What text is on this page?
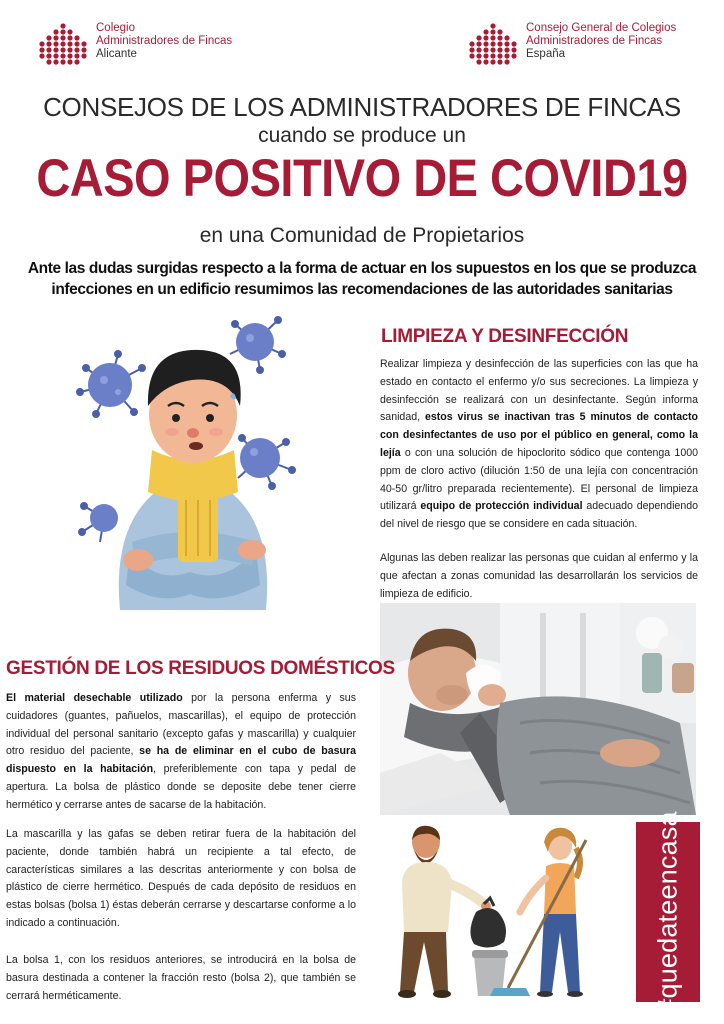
Colegio
Administradores de Fincas
Alicante
Consejo General de Colegios
Administradores de Fincas
España
CONSEJOS DE LOS ADMINISTRADORES DE FINCAS
cuando se produce un
CASO POSITIVO DE COVID19
en una Comunidad de Propietarios
Ante las dudas surgidas respecto a la forma de actuar en los supuestos en los que se produzca infecciones en un edificio resumimos las recomendaciones de las autoridades sanitarias
LIMPIEZA Y DESINFECCIÓN
Realizar limpieza y desinfección de las superficies con las que ha estado en contacto el enfermo y/o sus secreciones. La limpieza y desinfección se realizará con un desinfectante. Según informa sanidad, estos virus se inactivan tras 5 minutos de contacto con desinfectantes de uso por el público en general, como la lejía o con una solución de hipoclorito sódico que contenga 1000 ppm de cloro activo (dilución 1:50 de una lejía con concentración 40-50 gr/litro preparada recientemente). El personal de limpieza utilizará equipo de protección individual adecuado dependiendo del nivel de riesgo que se considere en cada situación.
Algunas las deben realizar las personas que cuidan al enfermo y la que afectan a zonas comunidad las desarrollarán los servicios de limpieza de edificio.
#quedateencasa
GESTIÓN DE LOS RESIDUOS DOMÉSTICOS
El material desechable utilizado por la persona enferma y sus cuidadores (guantes, pañuelos, mascarillas), el equipo de protección individual del personal sanitario (excepto gafas y mascarilla) y cualquier otro residuo del paciente, se ha de eliminar en el cubo de basura dispuesto en la habitación, preferiblemente con tapa y pedal de apertura. La bolsa de plástico donde se deposite debe tener cierre hermético y cerrarse antes de sacarse de la habitación.
La mascarilla y las gafas se deben retirar fuera de la habitación del paciente, donde también habrá un recipiente a tal efecto, de características similares a las descritas anteriormente y con bolsa de plástico de cierre hermético. Después de cada depósito de residuos en estas bolsas (bolsa 1) éstas deberán cerrarse y descartarse conforme a lo indicado a continuación.
La bolsa 1, con los residuos anteriores, se introducirá en la bolsa de basura destinada a contener la fracción resto (bolsa 2), que también se cerrará herméticamente.
